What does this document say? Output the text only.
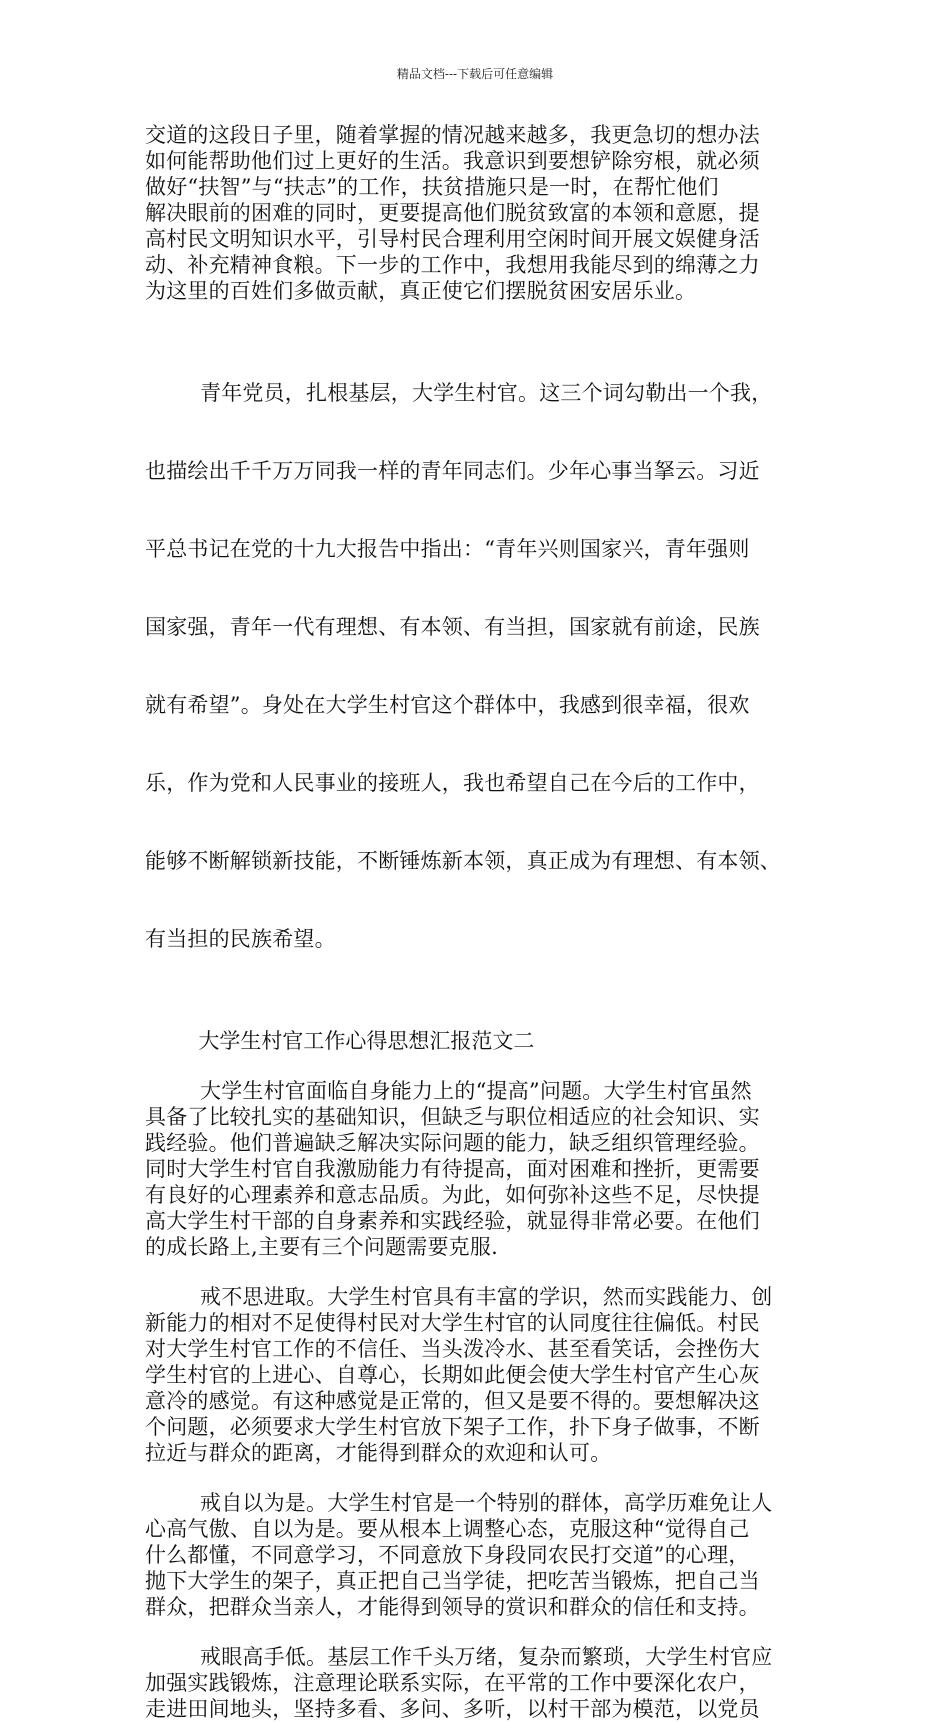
精品文档---下载后可任意编辑
交道的这段日子里，随着掌握的情况越来越多，我更急切的想办法
如何能帮助他们过上更好的生活。我意识到要想铲除穷根，就必须
做好“扶智”与“扶志”的工作，扶贫措施只是一时，在帮忙他们
解决眼前的困难的同时，更要提高他们脱贫致富的本领和意愿，提
高村民文明知识水平，引导村民合理利用空闲时间开展文娱健身活
动、补充精神食粮。下一步的工作中，我想用我能尽到的绵薄之力
为这里的百姓们多做贡献，真正使它们摆脱贫困安居乐业。

青年党员，扎根基层，大学生村官。这三个词勾勒出一个我，

也描绘出千千万万同我一样的青年同志们。少年心事当拏云。习近

平总书记在党的十九大报告中指出：“青年兴则国家兴，青年强则

国家强，青年一代有理想、有本领、有当担，国家就有前途，民族

就有希望”。身处在大学生村官这个群体中，我感到很幸福，很欢

乐，作为党和人民事业的接班人，我也希望自己在今后的工作中，

能够不断解锁新技能，不断锤炼新本领，真正成为有理想、有本领、

有当担的民族希望。

大学生村官工作心得思想汇报范文二
大学生村官面临自身能力上的“提高”问题。大学生村官虽然
具备了比较扎实的基础知识，但缺乏与职位相适应的社会知识、实
践经验。他们普遍缺乏解决实际问题的能力，缺乏组织管理经验。
同时大学生村官自我激励能力有待提高，面对困难和挫折，更需要
有良好的心理素养和意志品质。为此，如何弥补这些不足，尽快提
高大学生村干部的自身素养和实践经验，就显得非常必要。在他们
的成长路上,主要有三个问题需要克服.
戒不思进取。大学生村官具有丰富的学识，然而实践能力、创
新能力的相对不足使得村民对大学生村官的认同度往往偏低。村民
对大学生村官工作的不信任、当头泼冷水、甚至看笑话，会挫伤大
学生村官的上进心、自尊心，长期如此便会使大学生村官产生心灰
意冷的感觉。有这种感觉是正常的，但又是要不得的。要想解决这
个问题，必须要求大学生村官放下架子工作，扑下身子做事，不断
拉近与群众的距离，才能得到群众的欢迎和认可。
戒自以为是。大学生村官是一个特别的群体，高学历难免让人
心高气傲、自以为是。要从根本上调整心态，克服这种“觉得自己
什么都懂，不同意学习，不同意放下身段同农民打交道”的心理，
抛下大学生的架子，真正把自己当学徒，把吃苦当锻炼，把自己当
群众，把群众当亲人，才能得到领导的赏识和群众的信任和支持。
戒眼高手低。基层工作千头万绪，复杂而繁琐，大学生村官应
加强实践锻炼，注意理论联系实际，在平常的工作中要深化农户，
走进田间地头，坚持多看、多问、多听，以村干部为模范，以党员
